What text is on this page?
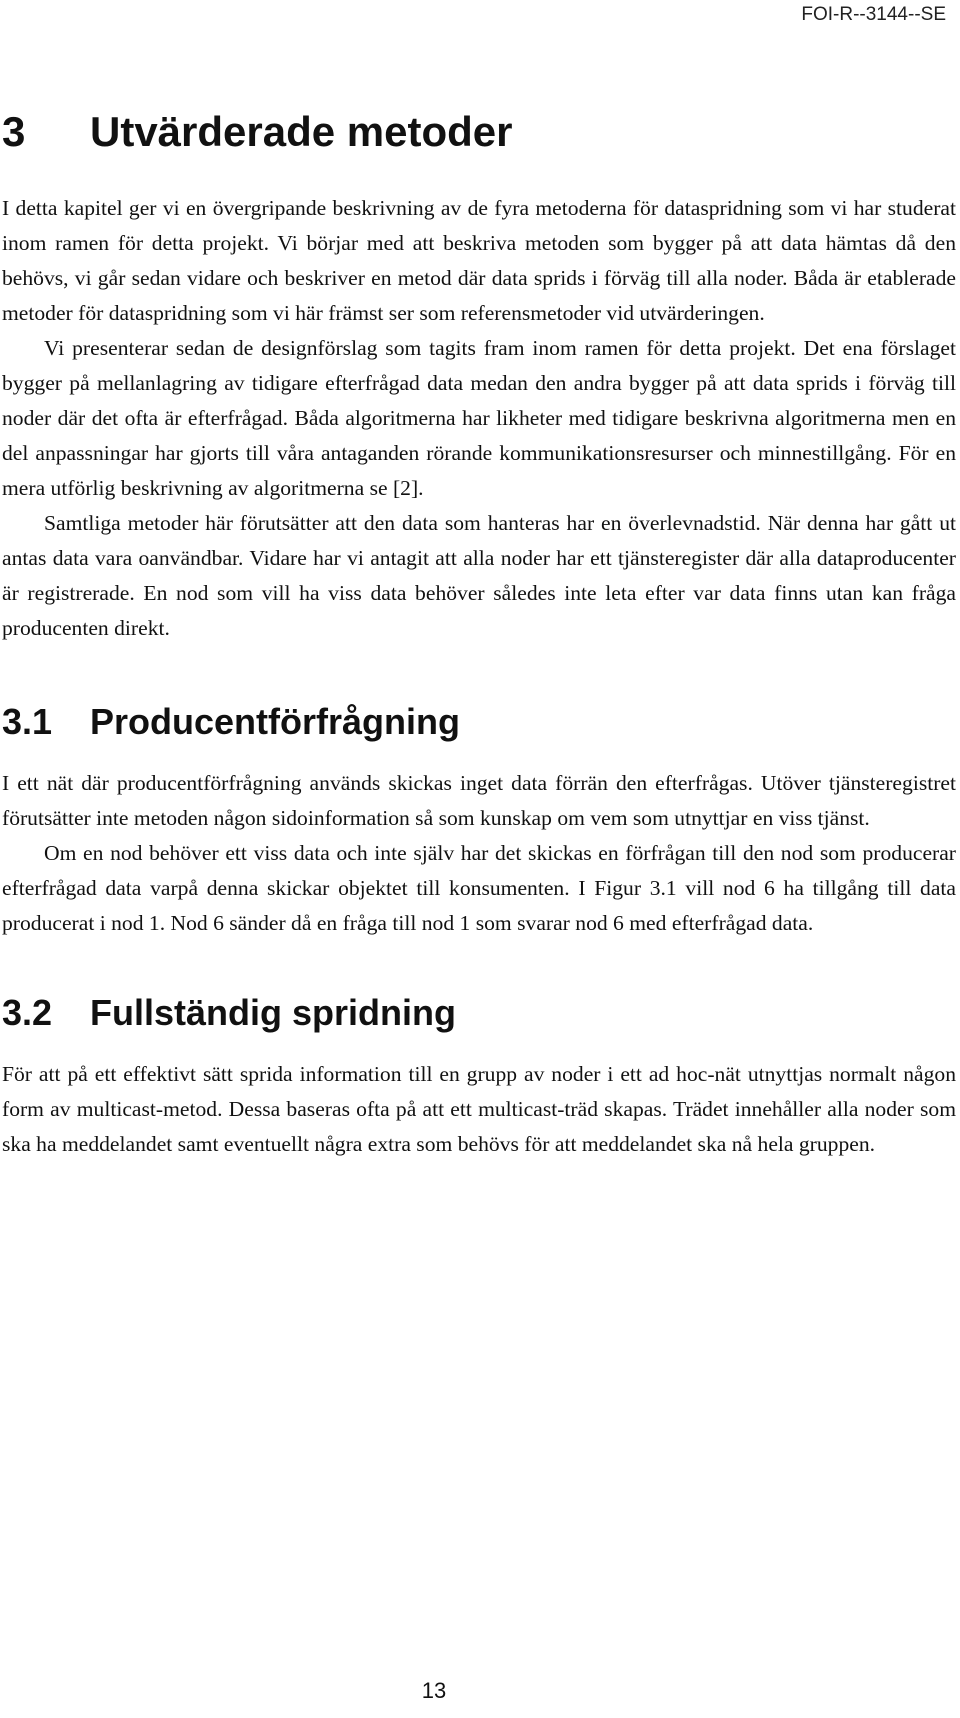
FOI-R--3144--SE
3 Utvärderade metoder

I detta kapitel ger vi en övergripande beskrivning av de fyra metoderna för dataspridning som vi har studerat inom ramen för detta projekt. Vi börjar med att beskriva metoden som bygger på att data hämtas då den behövs, vi går sedan vidare och beskriver en metod där data sprids i förväg till alla noder. Båda är etablerade metoder för dataspridning som vi här främst ser som referensmetoder vid utvärderingen.

Vi presenterar sedan de designförslag som tagits fram inom ramen för detta projekt. Det ena förslaget bygger på mellanlagring av tidigare efterfrågad data medan den andra bygger på att data sprids i förväg till noder där det ofta är efterfrågad. Båda algoritmerna har likheter med tidigare beskrivna algoritmerna men en del anpassningar har gjorts till våra antaganden rörande kommunikationsresurser och minnestillgång. För en mera utförlig beskrivning av algoritmerna se [2].

Samtliga metoder här förutsätter att den data som hanteras har en överlevnadstid. När denna har gått ut antas data vara oanvändbar. Vidare har vi antagit att alla noder har ett tjänsteregister där alla dataproducenter är registrerade. En nod som vill ha viss data behöver således inte leta efter var data finns utan kan fråga producenten direkt.

3.1 Producentförfrågning

I ett nät där producentförfrågning används skickas inget data förrän den efterfrågas. Utöver tjänsteregistret förutsätter inte metoden någon sidoinformation så som kunskap om vem som utnyttjar en viss tjänst.

Om en nod behöver ett viss data och inte själv har det skickas en förfrågan till den nod som producerar efterfrågad data varpå denna skickar objektet till konsumenten. I Figur 3.1 vill nod 6 ha tillgång till data producerat i nod 1. Nod 6 sänder då en fråga till nod 1 som svarar nod 6 med efterfrågad data.

3.2 Fullständig spridning

För att på ett effektivt sätt sprida information till en grupp av noder i ett ad hoc-nät utnyttjas normalt någon form av multicast-metod. Dessa baseras ofta på att ett multicast-träd skapas. Trädet innehåller alla noder som ska ha meddelandet samt eventuellt några extra som behövs för att meddelandet ska nå hela gruppen.

13
